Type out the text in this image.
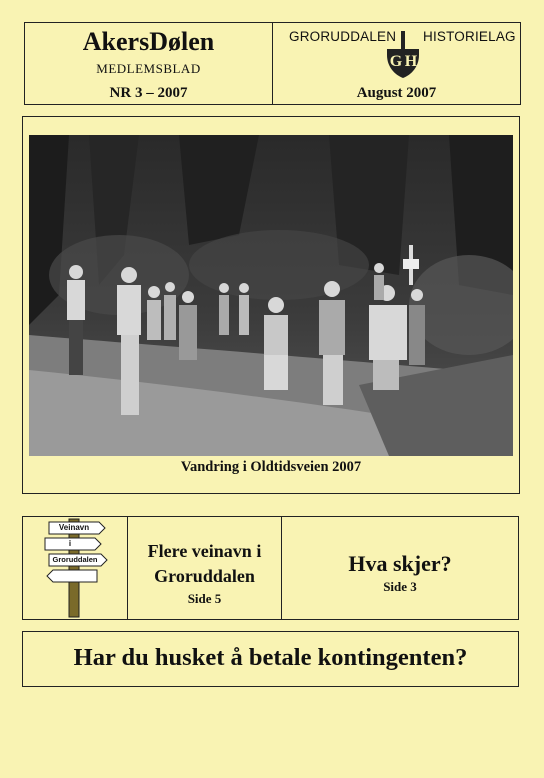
AkersDølen
MEDLEMSBLAD
NR 3 – 2007
GRORUDDALEN
G H
HISTORIELAG
August 2007
Vandring i Oldtidsveien 2007
Veinavn
i
Groruddalen	Flere veinavn i
Groruddalen
Side 5
Hva skjer?
Side 3
Har du husket å betale kontingenten?
